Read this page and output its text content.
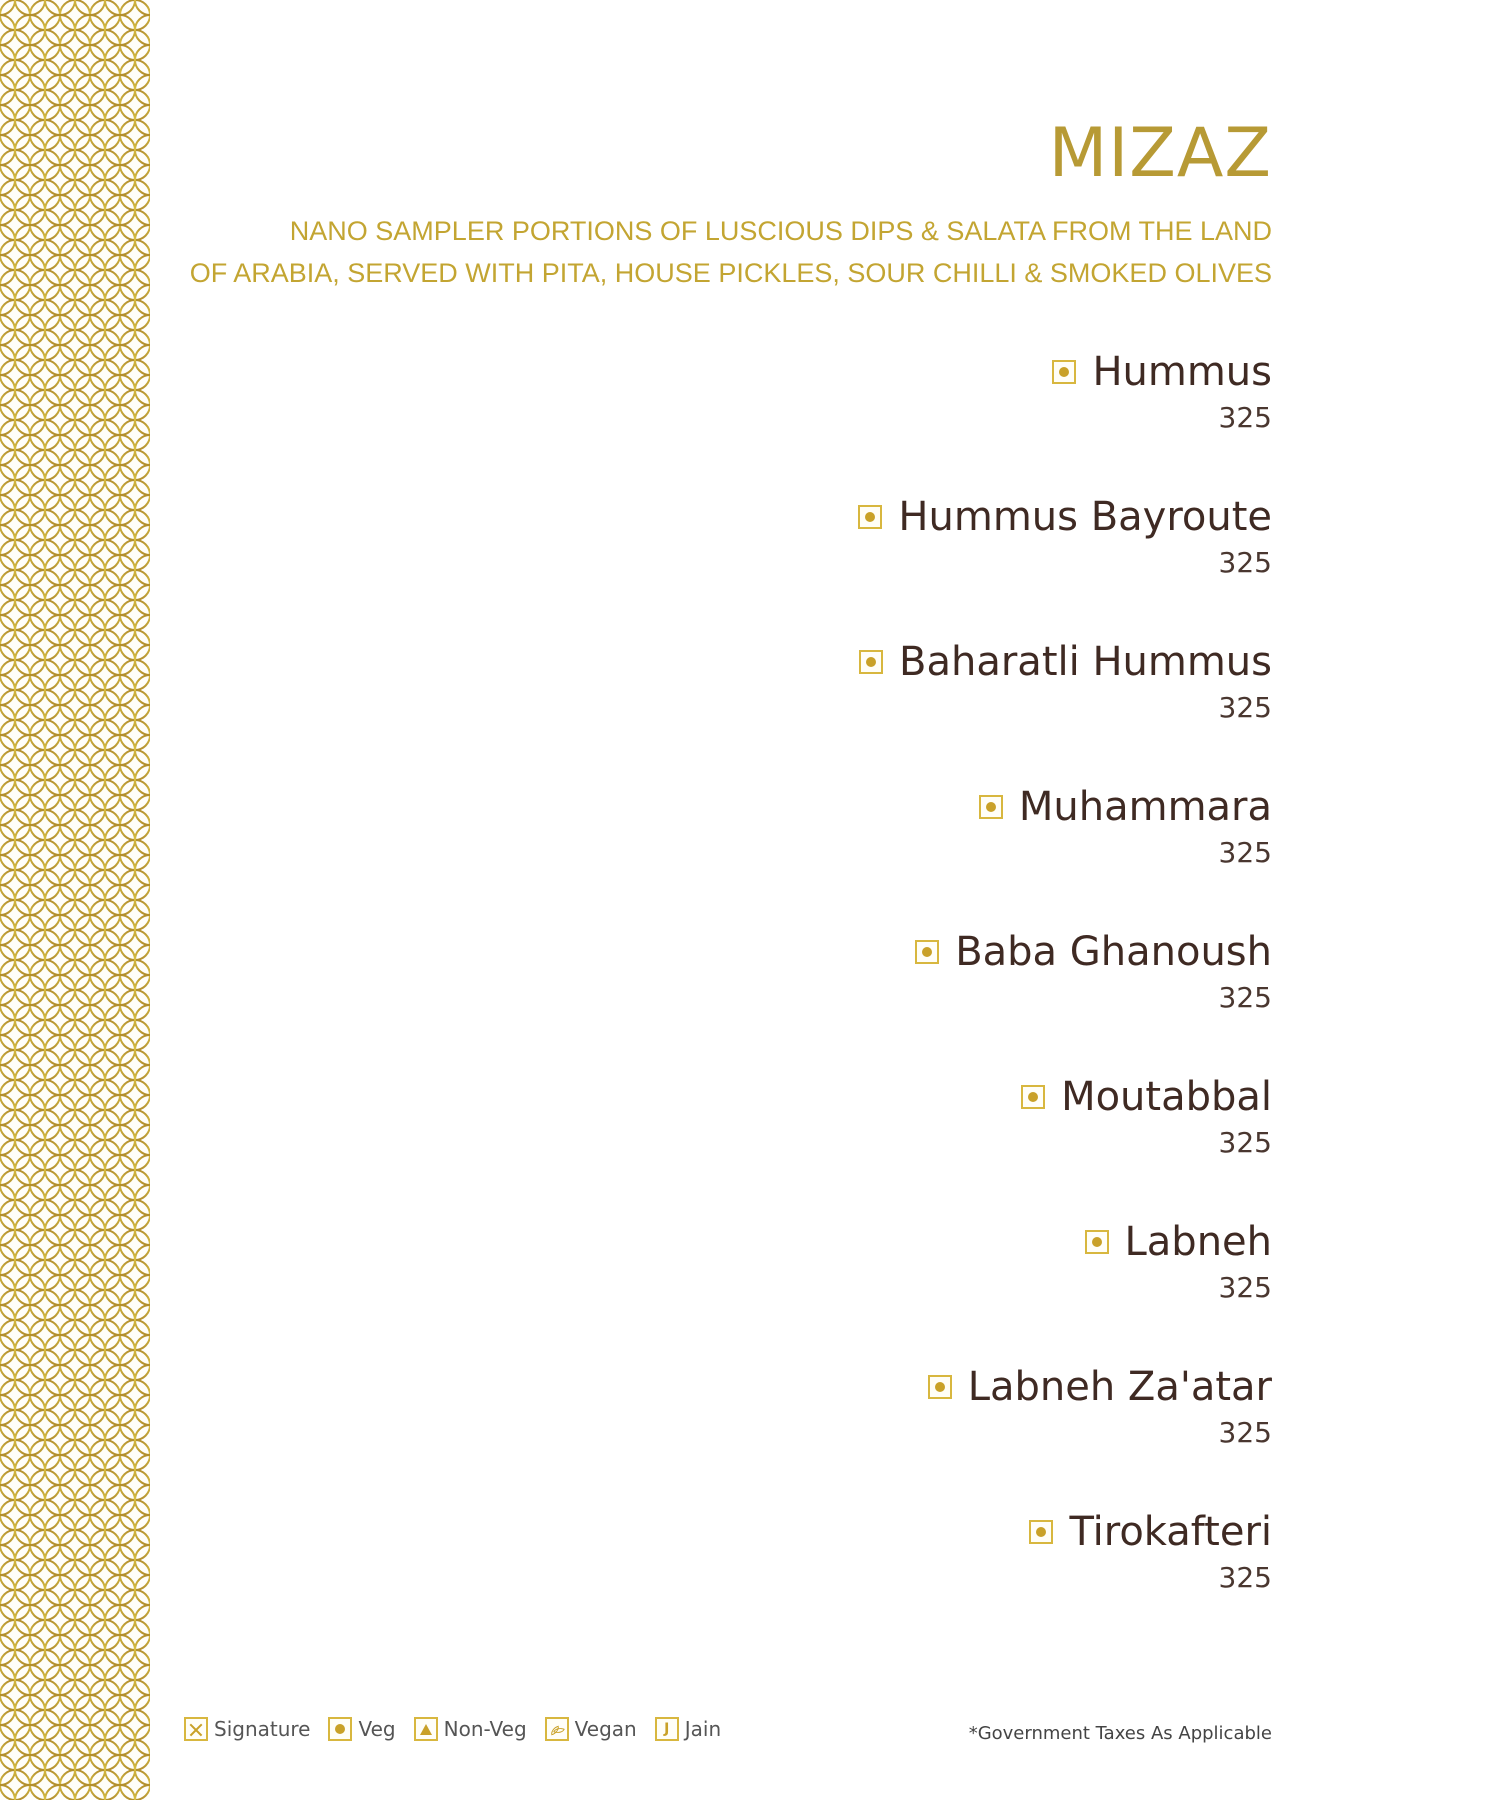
MIZAZ
NANO SAMPLER PORTIONS OF LUSCIOUS DIPS & SALATA FROM THE LAND
OF ARABIA, SERVED WITH PITA, HOUSE PICKLES, SOUR CHILLI & SMOKED OLIVES
Hummus
325
Hummus Bayroute
325
Baharatli Hummus
325
Muhammara
325
Baba Ghanoush
325
Moutabbal
325
Labneh
325
Labneh Za'atar
325
Tirokafteri
325
Signature Veg Non-Veg Vegan
J Jain	*Government Taxes As Applicable
